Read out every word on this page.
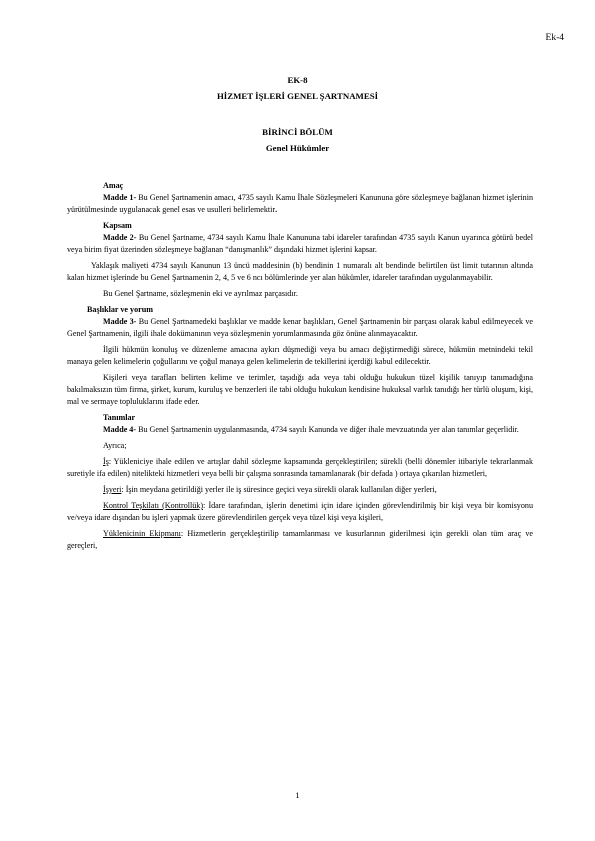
Ek-4
EK-8
HİZMET İŞLERİ GENEL ŞARTNAMESİ
BİRİNCİ BÖLÜM
Genel Hükümler

Amaç

Madde 1- Bu Genel Şartnamenin amacı, 4735 sayılı Kamu İhale Sözleşmeleri Kanununa göre sözleşmeye bağlanan hizmet işlerinin yürütülmesinde uygulanacak genel esas ve usulleri belirlemektir.

Kapsam

Madde 2- Bu Genel Şartname, 4734 sayılı Kamu İhale Kanununa tabi idareler tarafından 4735 sayılı Kanun uyarınca götürü bedel veya birim fiyat üzerinden sözleşmeye bağlanan “danışmanlık” dışındaki hizmet işlerini kapsar.

Yaklaşık maliyeti 4734 sayılı Kanunun 13 üncü maddesinin (b) bendinin 1 numaralı alt bendinde belirtilen üst limit tutarının altında kalan hizmet işlerinde bu Genel Şartnamenin 2, 4, 5 ve 6 ncı bölümlerinde yer alan hükümler, idareler tarafından uygulanmayabilir.

Bu Genel Şartname, sözleşmenin eki ve ayrılmaz parçasıdır.

Başlıklar ve yorum

Madde 3- Bu Genel Şartnamedeki başlıklar ve madde kenar başlıkları, Genel Şartnamenin bir parçası olarak kabul edilmeyecek ve Genel Şartnamenin, ilgili ihale dokümanının veya sözleşmenin yorumlanmasında göz önüne alınmayacaktır.

İlgili hükmün konuluş ve düzenleme amacına aykırı düşmediği veya bu amacı değiştirmediği sürece, hükmün metnindeki tekil manaya gelen kelimelerin çoğullarını ve çoğul manaya gelen kelimelerin de tekillerini içerdiği kabul edilecektir.

Kişileri veya tarafları belirten kelime ve terimler, taşıdığı ada veya tabi olduğu hukukun tüzel kişilik tanıyıp tanımadığına bakılmaksızın tüm firma, şirket, kurum, kuruluş ve benzerleri ile tabi olduğu hukukun kendisine hukuksal varlık tanıdığı her türlü oluşum, kişi, mal ve sermaye topluluklarını ifade eder.

Tanımlar

Madde 4- Bu Genel Şartnamenin uygulanmasında, 4734 sayılı Kanunda ve diğer ihale mevzuatında yer alan tanımlar geçerlidir.

Ayrıca;

İş: Yükleniciye ihale edilen ve artışlar dahil sözleşme kapsamında gerçekleştirilen; sürekli (belli dönemler itibariyle tekrarlanmak suretiyle ifa edilen) nitelikteki hizmetleri veya belli bir çalışma sonrasında tamamlanarak (bir defada ) ortaya çıkarılan hizmetleri,

İşyeri: İşin meydana getirildiği yerler ile iş süresince geçici veya sürekli olarak kullanılan diğer yerleri,

Kontrol Teşkilatı (Kontrollük): İdare tarafından, işlerin denetimi için idare içinden görevlendirilmiş bir kişi veya bir komisyonu ve/veya idare dışından bu işleri yapmak üzere görevlendirilen gerçek veya tüzel kişi veya kişileri,

Yüklenicinin Ekipmanı: Hizmetlerin gerçekleştirilip tamamlanması ve kusurlarının giderilmesi için gerekli olan tüm araç ve gereçleri,

1
